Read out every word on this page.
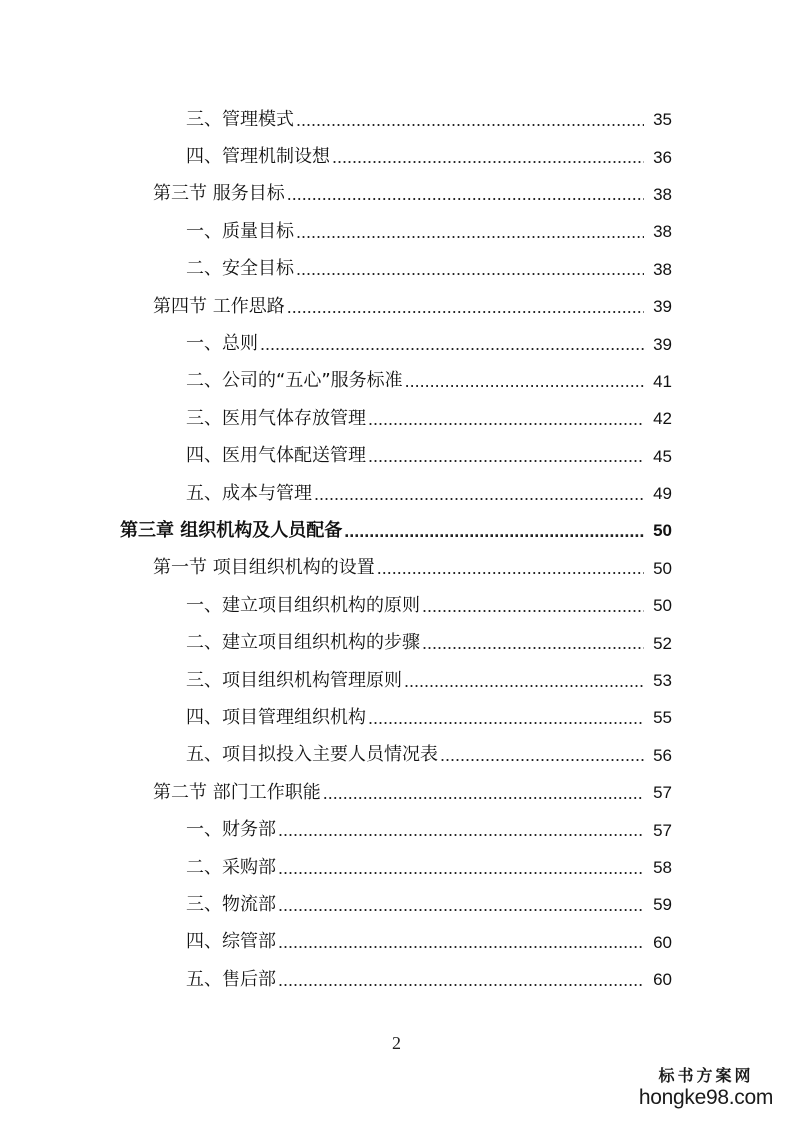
三、管理模式 .....	35
四、管理机制设想 .....	36
第三节 服务目标 .....	38
一、质量目标 .....	38
二、安全目标 .....	38
第四节 工作思路 .....	39
一、总则 .....	39
二、公司的“五心”服务标准 .....	41
三、医用气体存放管理 .....	42
四、医用气体配送管理 .....	45
五、成本与管理 .....	49
第三章 组织机构及人员配备 .....	50
第一节 项目组织机构的设置 .....	50
一、建立项目组织机构的原则 .....	50
二、建立项目组织机构的步骤 .....	52
三、项目组织机构管理原则 .....	53
四、项目管理组织机构 .....	55
五、项目拟投入主要人员情况表 .....	56
第二节 部门工作职能 .....	57
一、财务部 .....	57
二、采购部 .....	58
三、物流部 .....	59
四、综管部 .....	60
五、售后部 .....	60
2
标书方案网
hongke98.com
